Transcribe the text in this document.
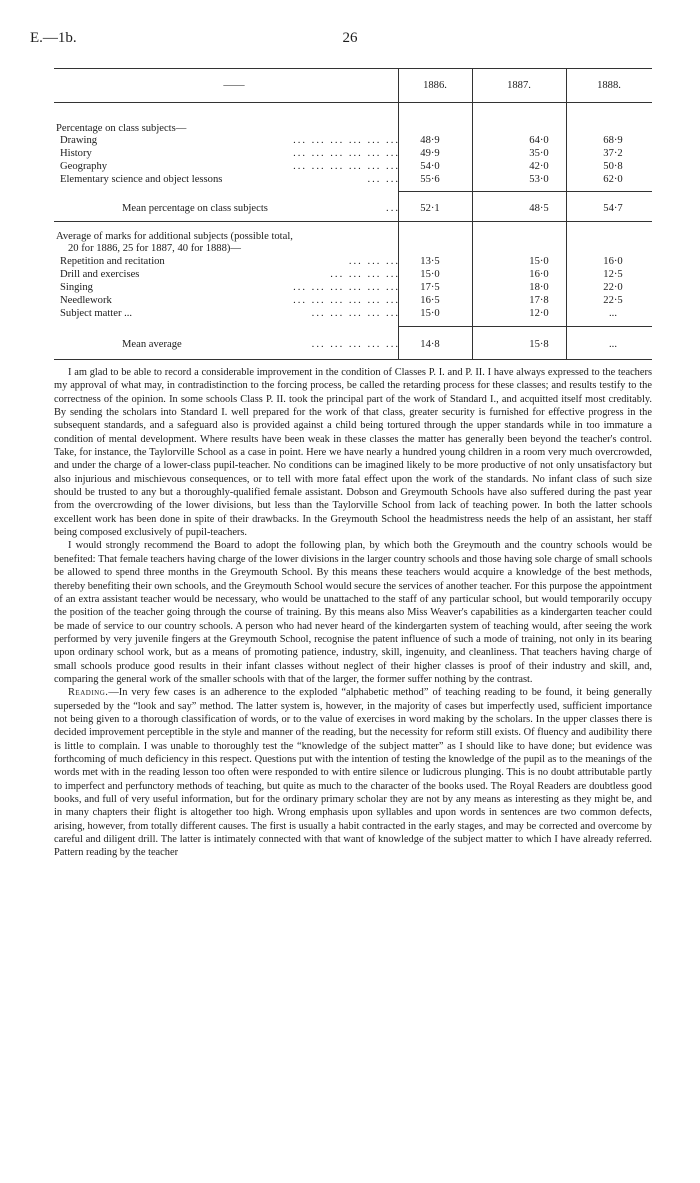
E.—1b.	26
——	1886.	1887.	1888.
Percentage on class subjects—
Drawing	... ... ... ... ... ...	48·9	64·0	68·9
History	... ... ... ... ... ...	49·9	35·0	37·2
Geography	... ... ... ... ... ...	54·0	42·0	50·8
Elementary science and object lessons	... ...	55·6	53·0	62·0
Mean percentage on class subjects	...	52·1	48·5	54·7
Average of marks for additional subjects (possible total,
20 for 1886, 25 for 1887, 40 for 1888)—
Repetition and recitation	... ... ...	13·5	15·0	16·0
Drill and exercises	... ... ... ...	15·0	16·0	12·5
Singing	... ... ... ... ... ...	17·5	18·0	22·0
Needlework	... ... ... ... ... ...	16·5	17·8	22·5
Subject matter ...	... ... ... ... ...	15·0	12·0	...
Mean average	... ... ... ... ...	14·8	15·8	...

I am glad to be able to record a considerable improvement in the condition of Classes P. I. and P. II. I have always expressed to the teachers my approval of what may, in contradistinction to the forcing process, be called the retarding process for these classes; and results testify to the correctness of the opinion. In some schools Class P. II. took the principal part of the work of Standard I., and acquitted itself most creditably. By sending the scholars into Standard I. well prepared for the work of that class, greater security is furnished for effective progress in the subsequent standards, and a safeguard also is provided against a child being tortured through the upper standards while in too immature a condition of mental development. Where results have been weak in these classes the matter has generally been beyond the teacher's control. Take, for instance, the Taylorville School as a case in point. Here we have nearly a hundred young children in a room very much overcrowded, and under the charge of a lower-class pupil-teacher. No conditions can be imagined likely to be more productive of not only unsatisfactory but also injurious and mischievous consequences, or to tell with more fatal effect upon the work of the standards. No infant class of such size should be trusted to any but a thoroughly-qualified female assistant. Dobson and Greymouth Schools have also suffered during the past year from the overcrowding of the lower divisions, but less than the Taylorville School from lack of teaching power. In both the latter schools excellent work has been done in spite of their drawbacks. In the Greymouth School the headmistress needs the help of an assistant, her staff being composed exclusively of pupil-teachers.

I would strongly recommend the Board to adopt the following plan, by which both the Greymouth and the country schools would be benefited: That female teachers having charge of the lower divisions in the larger country schools and those having sole charge of small schools be allowed to spend three months in the Greymouth School. By this means these teachers would acquire a knowledge of the best methods, thereby benefiting their own schools, and the Greymouth School would secure the services of another teacher. For this purpose the appointment of an extra assistant teacher would be necessary, who would be unattached to the staff of any particular school, but would temporarily occupy the position of the teacher going through the course of training. By this means also Miss Weaver's capabilities as a kindergarten teacher could be made of service to our country schools. A person who had never heard of the kindergarten system of teaching would, after seeing the work performed by very juvenile fingers at the Greymouth School, recognise the patent influence of such a mode of training, not only in its bearing upon ordinary school work, but as a means of promoting patience, industry, skill, ingenuity, and cleanliness. That teachers having charge of small schools produce good results in their infant classes without neglect of their higher classes is proof of their industry and skill, and, comparing the general work of the smaller schools with that of the larger, the former suffer nothing by the contrast.

Reading.—In very few cases is an adherence to the exploded “alphabetic method” of teaching reading to be found, it being generally superseded by the “look and say” method. The latter system is, however, in the majority of cases but imperfectly used, sufficient importance not being given to a thorough classification of words, or to the value of exercises in word making by the scholars. In the upper classes there is decided improvement perceptible in the style and manner of the reading, but the necessity for reform still exists. Of fluency and audibility there is little to complain. I was unable to thoroughly test the “knowledge of the subject matter” as I should like to have done; but evidence was forthcoming of much deficiency in this respect. Questions put with the intention of testing the knowledge of the pupil as to the meanings of the words met with in the reading lesson too often were responded to with entire silence or ludicrous plunging. This is no doubt attributable partly to imperfect and perfunctory methods of teaching, but quite as much to the character of the books used. The Royal Readers are doubtless good books, and full of very useful information, but for the ordinary primary scholar they are not by any means as interesting as they might be, and in many chapters their flight is altogether too high. Wrong emphasis upon syllables and upon words in sentences are two common defects, arising, however, from totally different causes. The first is usually a habit contracted in the early stages, and may be corrected and overcome by careful and diligent drill. The latter is intimately connected with that want of knowledge of the subject matter to which I have already referred. Pattern reading by the teacher
